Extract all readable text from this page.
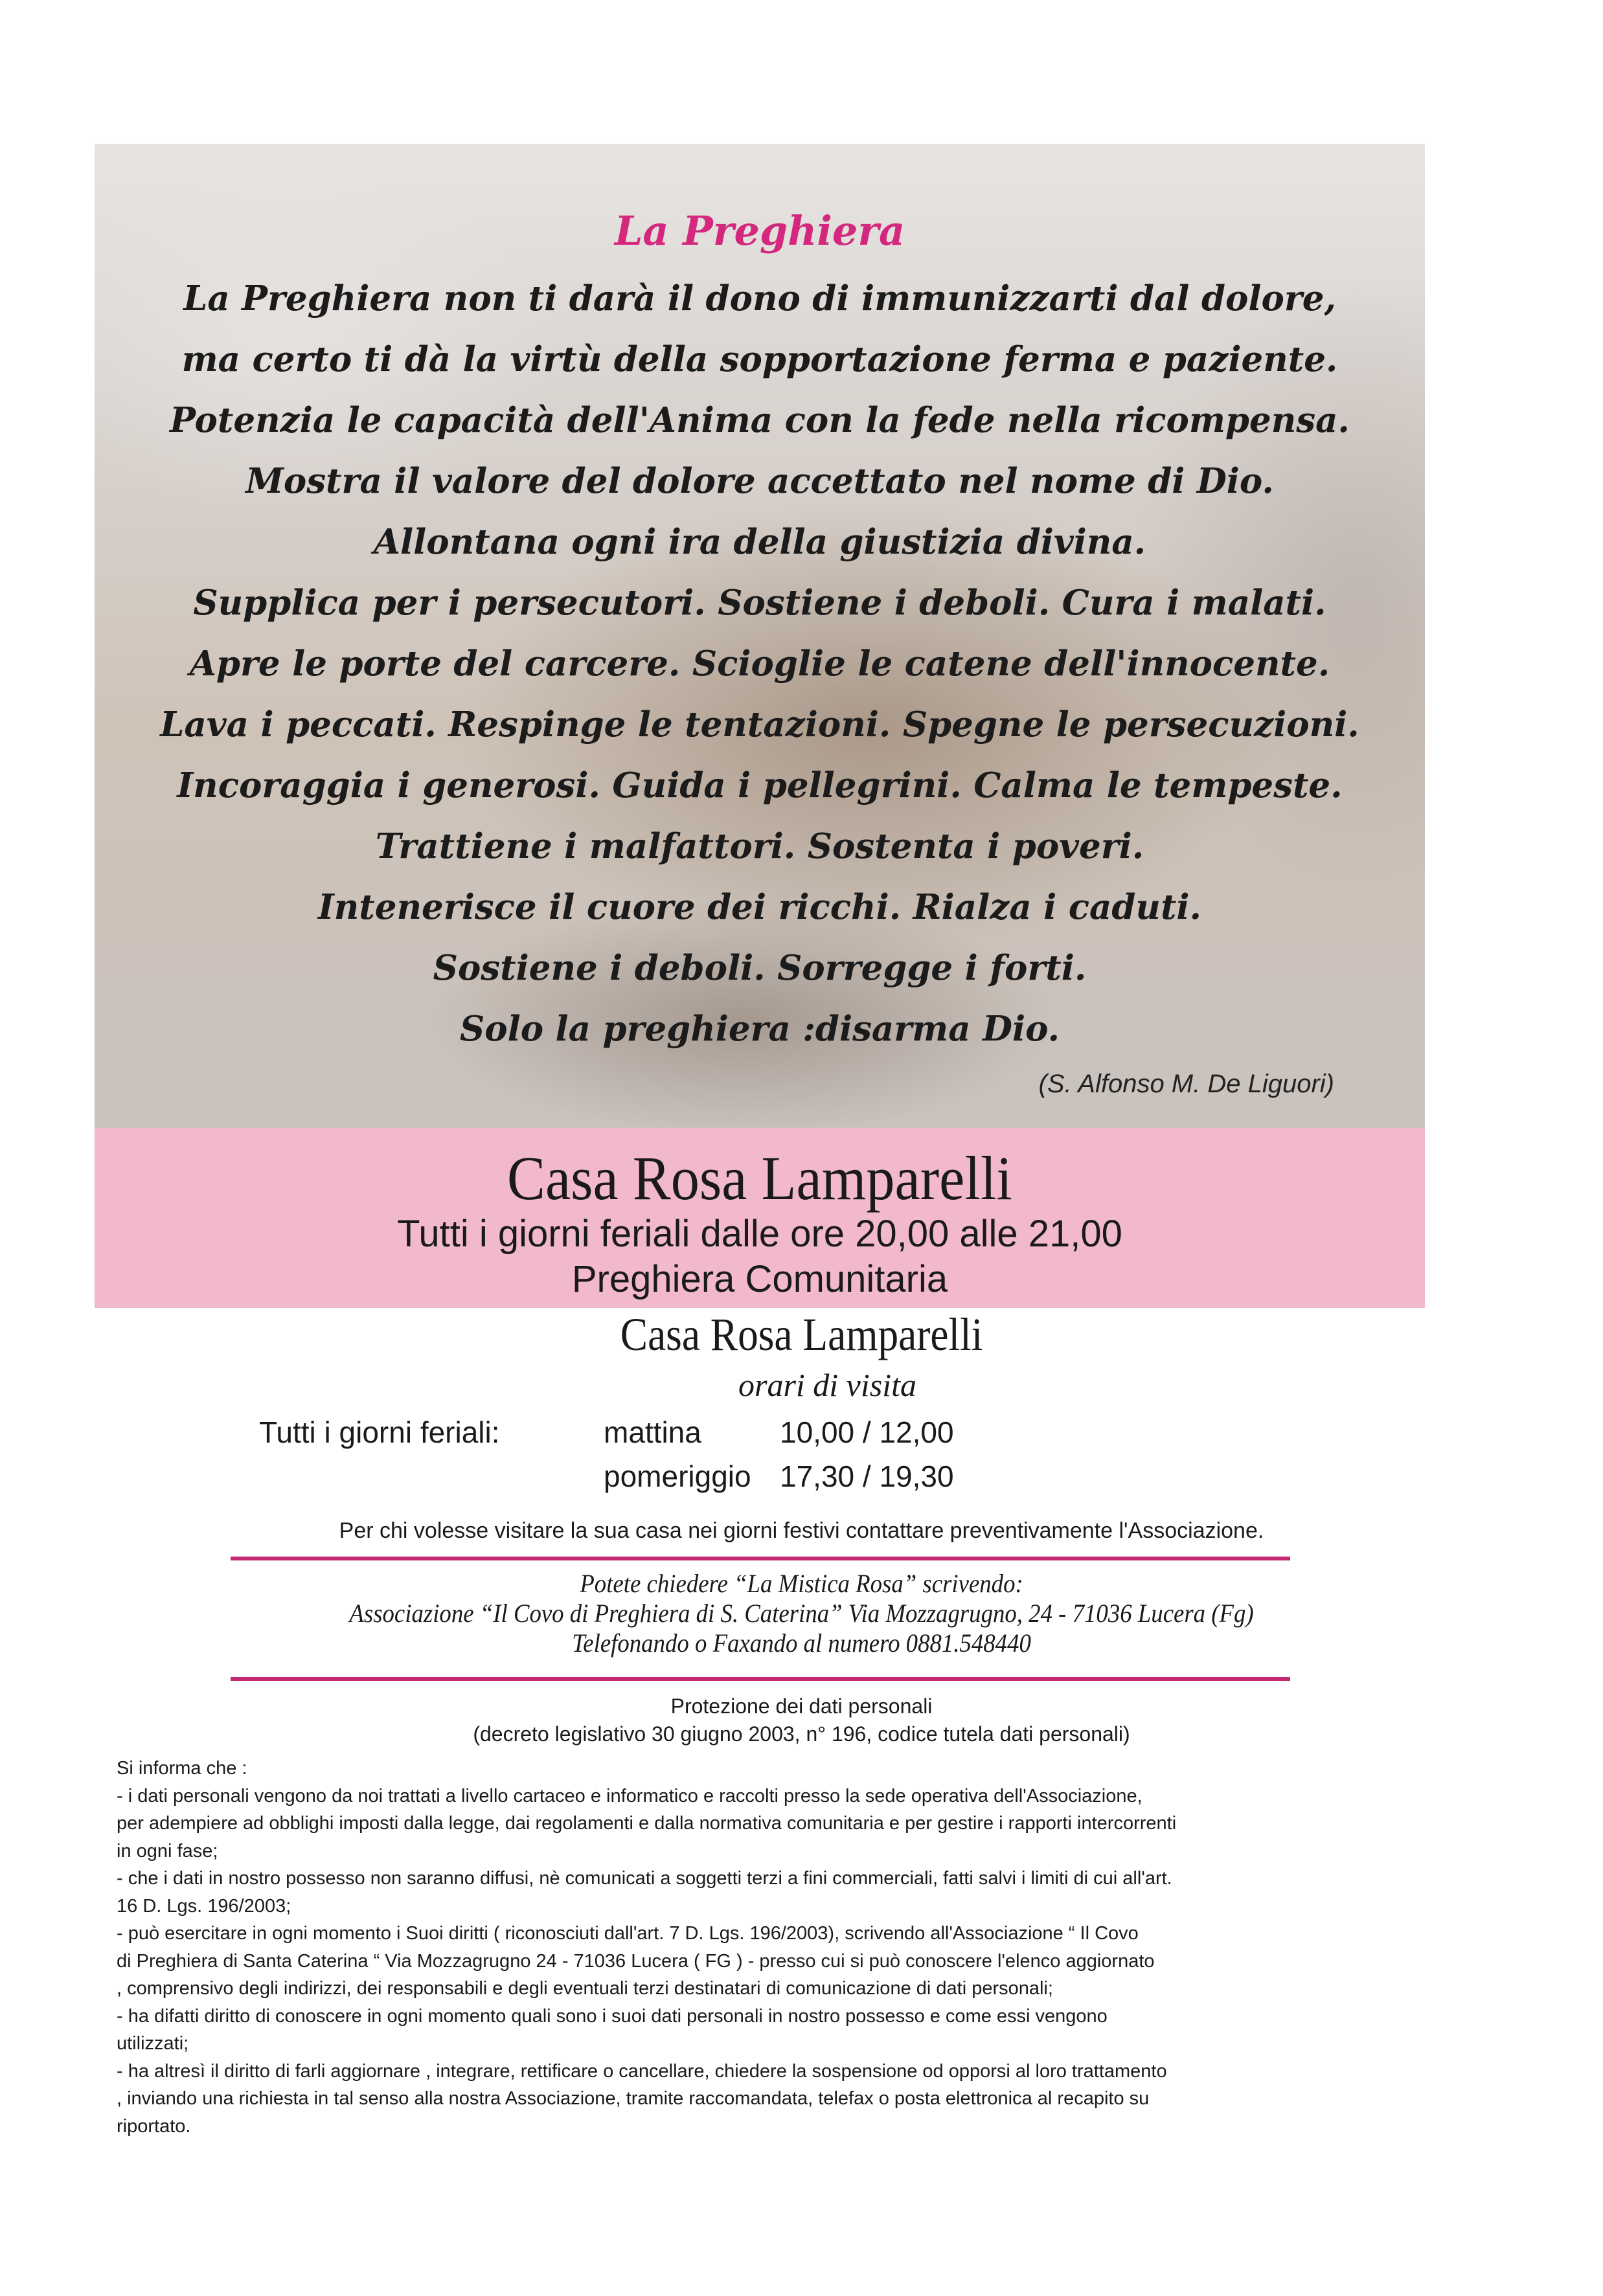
La Preghiera
La Preghiera non ti darà il dono di immunizzarti dal dolore,
ma certo ti dà la virtù della sopportazione ferma e paziente.
Potenzia le capacità dell'Anima con la fede nella ricompensa.
Mostra il valore del dolore accettato nel nome di Dio.
Allontana ogni ira della giustizia divina.
Supplica per i persecutori. Sostiene i deboli. Cura i malati.
Apre le porte del carcere. Scioglie le catene dell'innocente.
Lava i peccati. Respinge le tentazioni. Spegne le persecuzioni.
Incoraggia i generosi. Guida i pellegrini. Calma le tempeste.
Trattiene i malfattori. Sostenta i poveri.
Intenerisce il cuore dei ricchi. Rialza i caduti.
Sostiene i deboli. Sorregge i forti.
Solo la preghiera :disarma Dio.
(S. Alfonso M. De Liguori)
Casa Rosa Lamparelli
Tutti i giorni feriali dalle ore 20,00 alle 21,00
Preghiera Comunitaria
Casa Rosa Lamparelli
orari di visita
Tutti i giorni feriali:	mattina	10,00 / 12,00
pomeriggio 17,30 / 19,30
Per chi volesse visitare la sua casa nei giorni festivi contattare preventivamente l'Associazione.
Potete chiedere “La Mistica Rosa” scrivendo:
Associazione “Il Covo di Preghiera di S. Caterina” Via Mozzagrugno, 24 - 71036 Lucera (Fg)
Telefonando o Faxando al numero 0881.548440
Protezione dei dati personali
(decreto legislativo 30 giugno 2003, n° 196, codice tutela dati personali)
Si informa che :
- i dati personali vengono da noi trattati a livello cartaceo e informatico e raccolti presso la sede operativa dell'Associazione,
per adempiere ad obblighi imposti dalla legge, dai regolamenti e dalla normativa comunitaria e per gestire i rapporti intercorrenti
in ogni fase;
- che i dati in nostro possesso non saranno diffusi, nè comunicati a soggetti terzi a fini commerciali, fatti salvi i limiti di cui all'art.
16 D. Lgs. 196/2003;
- può esercitare in ogni momento i Suoi diritti ( riconosciuti dall'art. 7 D. Lgs. 196/2003), scrivendo all'Associazione “ Il Covo
di Preghiera di Santa Caterina “ Via Mozzagrugno 24 - 71036 Lucera ( FG ) - presso cui si può conoscere l'elenco aggiornato
, comprensivo degli indirizzi, dei responsabili e degli eventuali terzi destinatari di comunicazione di dati personali;
- ha difatti diritto di conoscere in ogni momento quali sono i suoi dati personali in nostro possesso e come essi vengono
utilizzati;
- ha altresì il diritto di farli aggiornare , integrare, rettificare o cancellare, chiedere la sospensione od opporsi al loro trattamento
, inviando una richiesta in tal senso alla nostra Associazione, tramite raccomandata, telefax o posta elettronica al recapito su
riportato.
